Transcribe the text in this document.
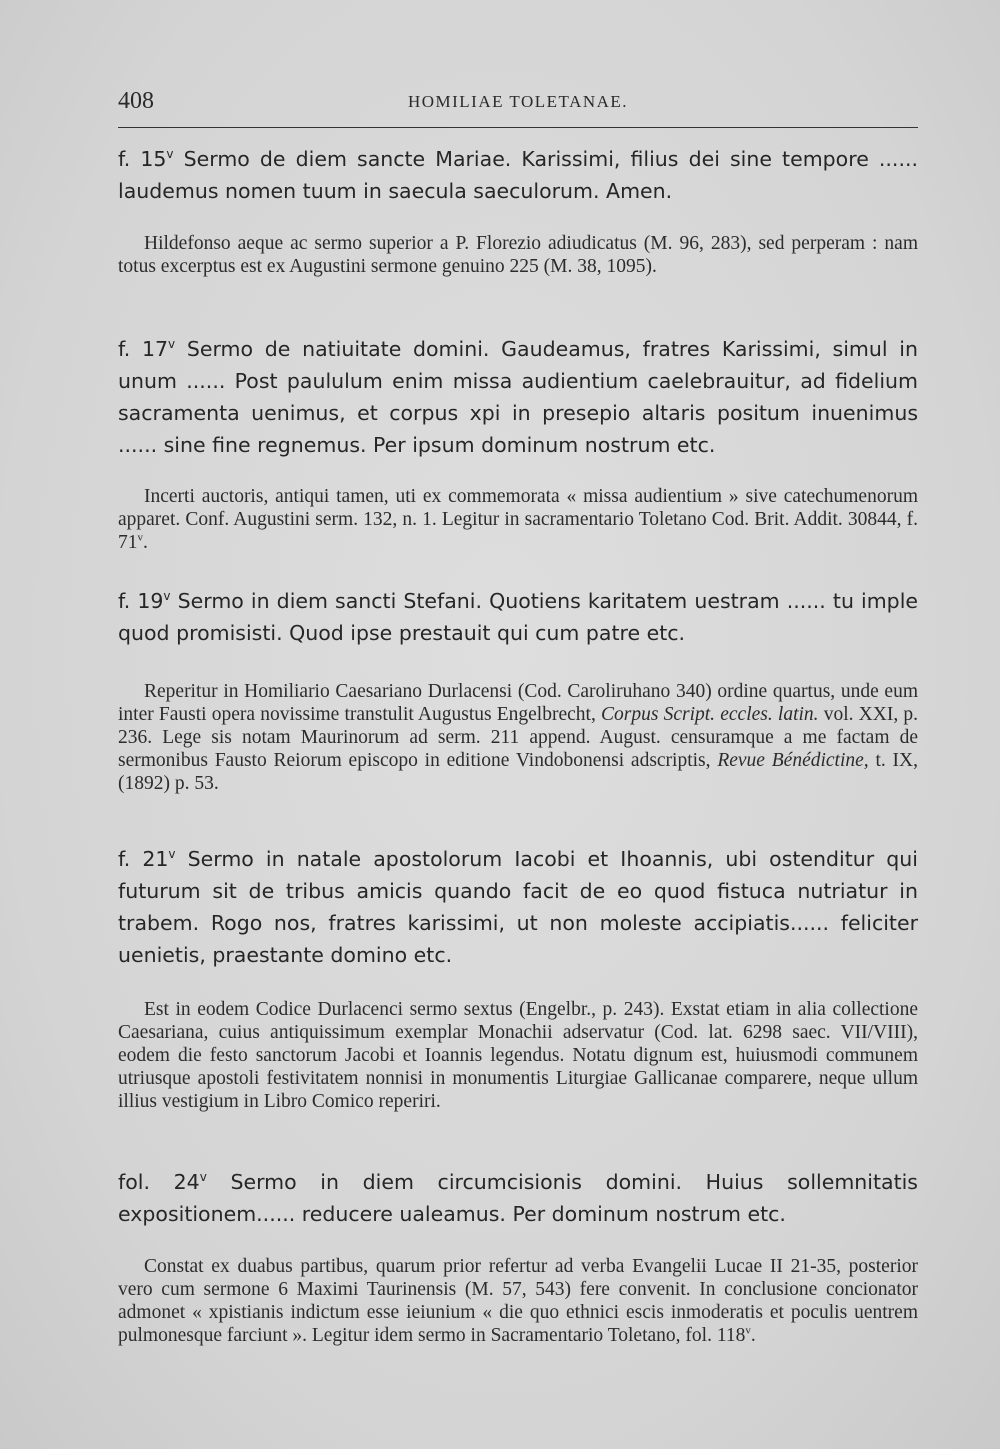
408	HOMILIAE TOLETANAE.

f. 15$^v$ Sermo de diem sancte Mariae. Karissimi, filius dei sine tempore ...... laudemus nomen tuum in saecula saeculorum. Amen.

Hildefonso aeque ac sermo superior a P. Florezio adiudicatus (M. 96, 283), sed perperam : nam totus excerptus est ex Augustini sermone genuino 225 (M. 38, 1095).

f. 17$^v$ Sermo de natiuitate domini. Gaudeamus, fratres Karissimi, simul in unum ...... Post paululum enim missa audientium caelebrauitur, ad fidelium sacramenta uenimus, et corpus xpi in presepio altaris positum inuenimus ...... sine fine regnemus. Per ipsum dominum nostrum etc.

Incerti auctoris, antiqui tamen, uti ex commemorata « missa audientium » sive catechumenorum apparet. Conf. Augustini serm. 132, n. 1. Legitur in sacramentario Toletano Cod. Brit. Addit. 30844, f. 71$^v$.

f. 19$^v$ Sermo in diem sancti Stefani. Quotiens karitatem uestram ...... tu imple quod promisisti. Quod ipse prestauit qui cum patre etc.

Reperitur in Homiliario Caesariano Durlacensi (Cod. Caroliruhano 340) ordine quartus, unde eum inter Fausti opera novissime transtulit Augustus Engelbrecht, Corpus Script. eccles. latin. vol. XXI, p. 236. Lege sis notam Maurinorum ad serm. 211 append. August. censuramque a me factam de sermonibus Fausto Reiorum episcopo in editione Vindobonensi adscriptis, Revue Bénédictine, t. IX, (1892) p. 53.

f. 21$^v$ Sermo in natale apostolorum Iacobi et Ihoannis, ubi ostenditur qui futurum sit de tribus amicis quando facit de eo quod fistuca nutriatur in trabem. Rogo nos, fratres karissimi, ut non moleste accipiatis...... feliciter uenietis, praestante domino etc.

Est in eodem Codice Durlacenci sermo sextus (Engelbr., p. 243). Exstat etiam in alia collectione Caesariana, cuius antiquissimum exemplar Monachii adservatur (Cod. lat. 6298 saec. VII/VIII), eodem die festo sanctorum Jacobi et Ioannis legendus. Notatu dignum est, huiusmodi communem utriusque apostoli festivitatem nonnisi in monumentis Liturgiae Gallicanae comparere, neque ullum illius vestigium in Libro Comico reperiri.

fol. 24$^v$ Sermo in diem circumcisionis domini. Huius sollemnitatis expositionem...... reducere ualeamus. Per dominum nostrum etc.

Constat ex duabus partibus, quarum prior refertur ad verba Evangelii Lucae II 21-35, posterior vero cum sermone 6 Maximi Taurinensis (M. 57, 543) fere convenit. In conclusione concionator admonet « xpistianis indictum esse ieiunium « die quo ethnici escis inmoderatis et poculis uentrem pulmonesque farciunt ». Legitur idem sermo in Sacramentario Toletano, fol. 118$^v$.
